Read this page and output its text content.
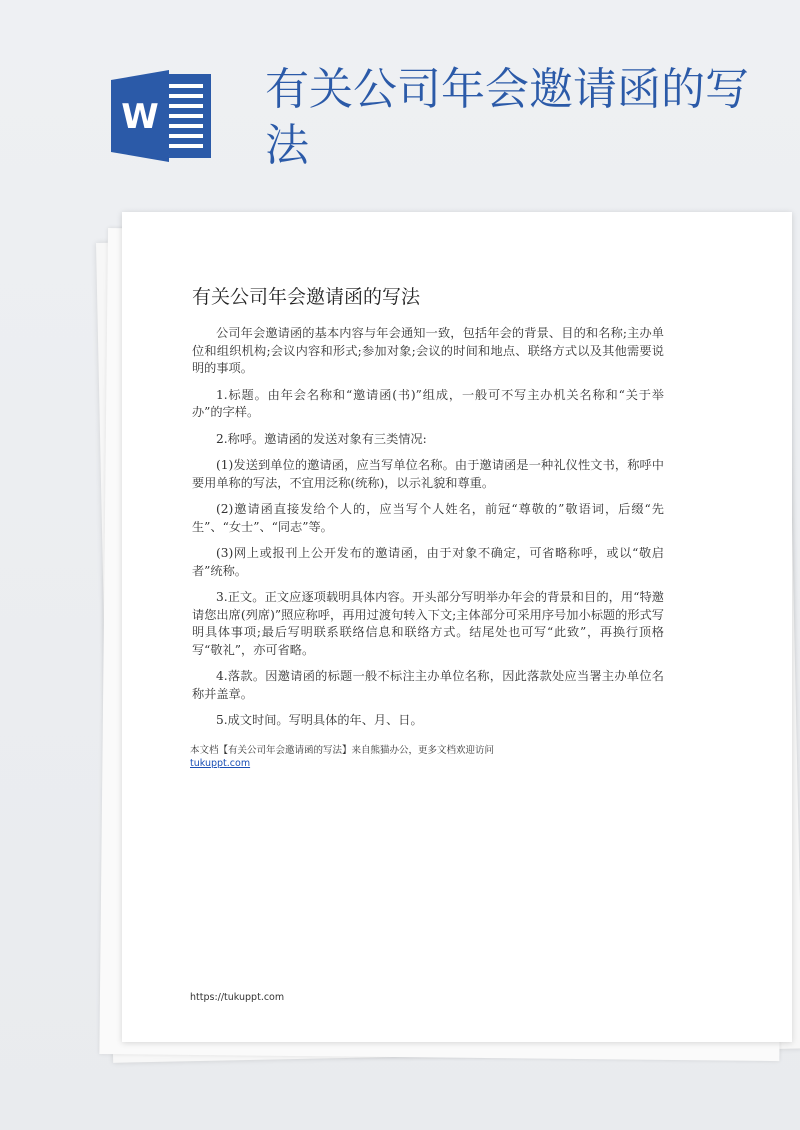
W
有关公司年会邀请函的写法
有关公司年会邀请函的写法

公司年会邀请函的基本内容与年会通知一致，包括年会的背景、目的和名称;主办单位和组织机构;会议内容和形式;参加对象;会议的时间和地点、联络方式以及其他需要说明的事项。

1.标题。由年会名称和“邀请函(书)”组成，一般可不写主办机关名称和“关于举办”的字样。

2.称呼。邀请函的发送对象有三类情况:

(1)发送到单位的邀请函，应当写单位名称。由于邀请函是一种礼仪性文书，称呼中要用单称的写法，不宜用泛称(统称)，以示礼貌和尊重。

(2)邀请函直接发给个人的，应当写个人姓名，前冠“尊敬的”敬语词，后缀“先生”、“女士”、“同志”等。

(3)网上或报刊上公开发布的邀请函，由于对象不确定，可省略称呼，或以“敬启者”统称。

3.正文。正文应逐项载明具体内容。开头部分写明举办年会的背景和目的，用“特邀请您出席(列席)”照应称呼，再用过渡句转入下文;主体部分可采用序号加小标题的形式写明具体事项;最后写明联系联络信息和联络方式。结尾处也可写“此致”，再换行顶格写“敬礼”，亦可省略。

4.落款。因邀请函的标题一般不标注主办单位名称，因此落款处应当署主办单位名称并盖章。

5.成文时间。写明具体的年、月、日。

本文档【有关公司年会邀请函的写法】来自熊猫办公，更多文档欢迎访问
tukuppt.com
https://tukuppt.com
